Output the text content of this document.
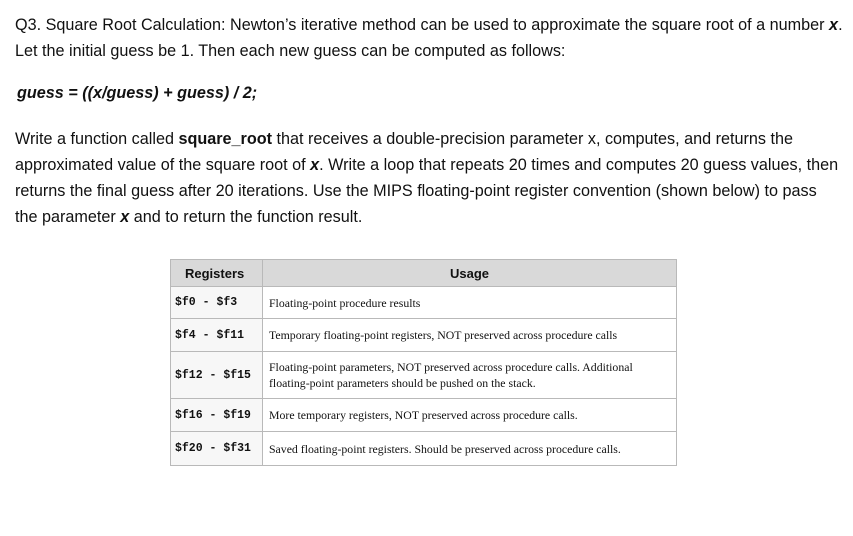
Q3. Square Root Calculation: Newton’s iterative method can be used to approximate the square root of a number x. Let the initial guess be 1. Then each new guess can be computed as follows:

guess = ((x/guess) + guess) / 2;

Write a function called square_root that receives a double-precision parameter x, computes, and returns the approximated value of the square root of x. Write a loop that repeats 20 times and computes 20 guess values, then returns the final guess after 20 iterations. Use the MIPS floating-point register convention (shown below) to pass the parameter x and to return the function result.

Registers	Usage
$f0 - $f3	Floating-point procedure results
$f4 - $f11	Temporary floating-point registers, NOT preserved across procedure calls
$f12 - $f15	Floating-point parameters, NOT preserved across procedure calls. Additional floating-point parameters should be pushed on the stack.
$f16 - $f19	More temporary registers, NOT preserved across procedure calls.
$f20 - $f31	Saved floating-point registers. Should be preserved across procedure calls.
